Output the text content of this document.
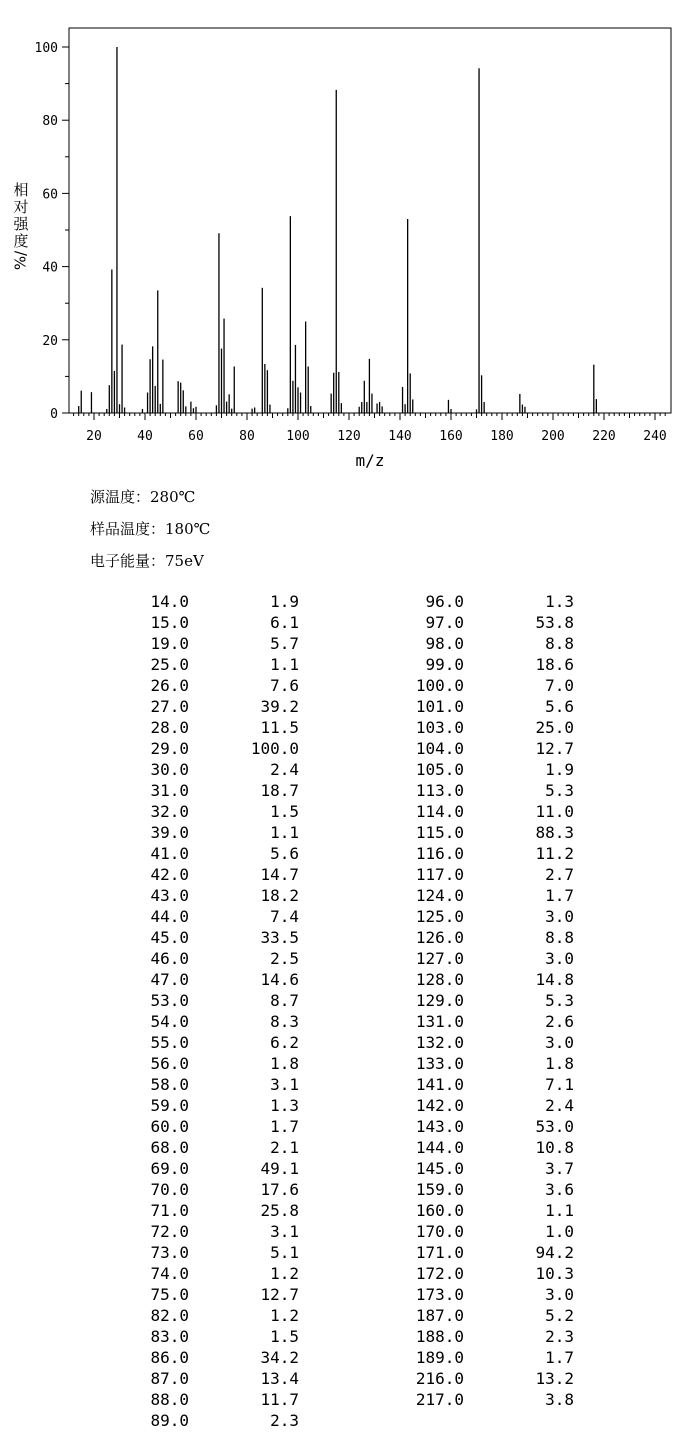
20	40	60	80 100 120 140 160 180 200 220 240
0
20
40
60
80
100
m/z
相
对
强
度
%/
源温度：280℃
样品温度：180℃
电子能量：75eV
14.0	1.9	96.0	1.3
15.0	6.1	97.0	53.8
19.0	5.7	98.0	8.8
25.0	1.1	99.0	18.6
26.0	7.6	100.0	7.0
27.0	39.2	101.0	5.6
28.0	11.5	103.0	25.0
29.0	100.0	104.0	12.7
30.0	2.4	105.0	1.9
31.0	18.7	113.0	5.3
32.0	1.5	114.0	11.0
39.0	1.1	115.0	88.3
41.0	5.6	116.0	11.2
42.0	14.7	117.0	2.7
43.0	18.2	124.0	1.7
44.0	7.4	125.0	3.0
45.0	33.5	126.0	8.8
46.0	2.5	127.0	3.0
47.0	14.6	128.0	14.8
53.0	8.7	129.0	5.3
54.0	8.3	131.0	2.6
55.0	6.2	132.0	3.0
56.0	1.8	133.0	1.8
58.0	3.1	141.0	7.1
59.0	1.3	142.0	2.4
60.0	1.7	143.0	53.0
68.0	2.1	144.0	10.8
69.0	49.1	145.0	3.7
70.0	17.6	159.0	3.6
71.0	25.8	160.0	1.1
72.0	3.1	170.0	1.0
73.0	5.1	171.0	94.2
74.0	1.2	172.0	10.3
75.0	12.7	173.0	3.0
82.0	1.2	187.0	5.2
83.0	1.5	188.0	2.3
86.0	34.2	189.0	1.7
87.0	13.4	216.0	13.2
88.0	11.7	217.0	3.8
89.0	2.3
